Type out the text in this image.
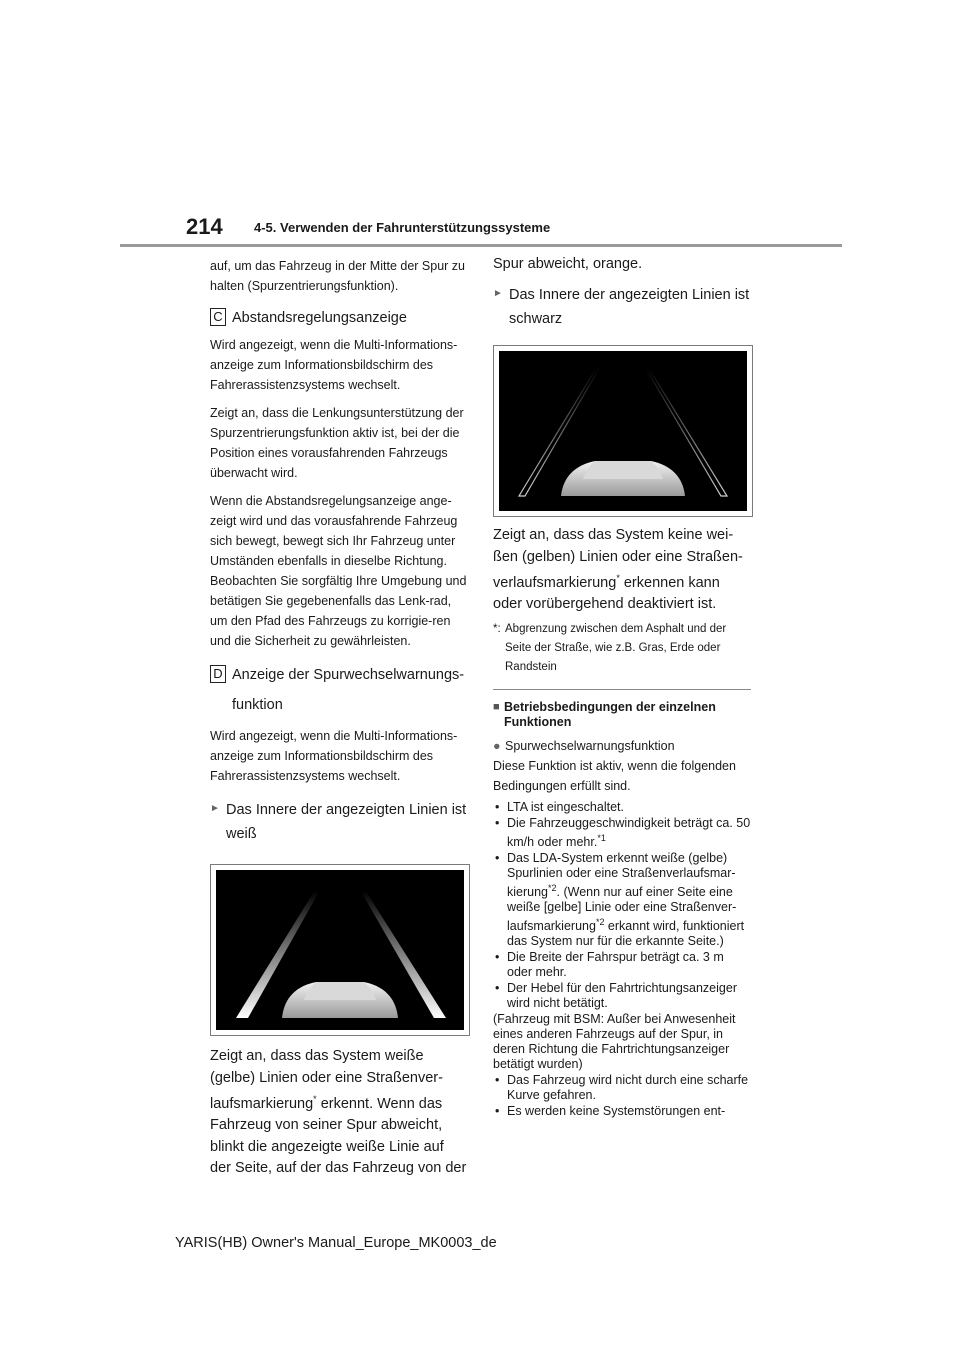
214 4-5. Verwenden der Fahrunterstützungssysteme

auf, um das Fahrzeug in der Mitte der Spur zu halten (Spurzentrierungsfunktion).

C Abstandsregelungsanzeige

Wird angezeigt, wenn die Multi-Informations-anzeige zum Informationsbildschirm des Fahrerassistenzsystems wechselt.

Zeigt an, dass die Lenkungsunterstützung der Spurzentrierungsfunktion aktiv ist, bei der die Position eines vorausfahrenden Fahrzeugs überwacht wird.

Wenn die Abstandsregelungsanzeige ange-zeigt wird und das vorausfahrende Fahrzeug sich bewegt, bewegt sich Ihr Fahrzeug unter Umständen ebenfalls in dieselbe Richtung. Beobachten Sie sorgfältig Ihre Umgebung und betätigen Sie gegebenenfalls das Lenk-rad, um den Pfad des Fahrzeugs zu korrigie-ren und die Sicherheit zu gewährleisten.

D Anzeige der Spurwechselwarnungs-funktion

Wird angezeigt, wenn die Multi-Informations-anzeige zum Informationsbildschirm des Fahrerassistenzsystems wechselt.

► Das Innere der angezeigten Linien ist weiß

Zeigt an, dass das System weiße (gelbe) Linien oder eine Straßenver-laufsmarkierung* erkennt. Wenn das Fahrzeug von seiner Spur abweicht, blinkt die angezeigte weiße Linie auf der Seite, auf der das Fahrzeug von der

Spur abweicht, orange.

► Das Innere der angezeigten Linien ist schwarz

Zeigt an, dass das System keine wei-ßen (gelben) Linien oder eine Straßen-verlaufsmarkierung* erkennen kann oder vorübergehend deaktiviert ist.

*: Abgrenzung zwischen dem Asphalt und der Seite der Straße, wie z.B. Gras, Erde oder Randstein
■ Betriebsbedingungen der einzelnen Funktionen
● Spurwechselwarnungsfunktion

Diese Funktion ist aktiv, wenn die folgenden Bedingungen erfüllt sind.

• LTA ist eingeschaltet.
• Die Fahrzeuggeschwindigkeit beträgt ca. 50 km/h oder mehr.$^{*1}$
• Das LDA-System erkennt weiße (gelbe) Spurlinien oder eine Straßenverlaufsmar-kierung$^{*2}$. (Wenn nur auf einer Seite eine weiße [gelbe] Linie oder eine Straßenver-laufsmarkierung$^{*2}$ erkannt wird, funktioniert das System nur für die erkannte Seite.)
• Die Breite der Fahrspur beträgt ca. 3 m oder mehr.
• Der Hebel für den Fahrtrichtungsanzeiger wird nicht betätigt.

(Fahrzeug mit BSM: Außer bei Anwesenheit eines anderen Fahrzeugs auf der Spur, in deren Richtung die Fahrtrichtungsanzeiger betätigt wurden)

• Das Fahrzeug wird nicht durch eine scharfe Kurve gefahren.
• Es werden keine Systemstörungen ent-
YARIS(HB) Owner's Manual_Europe_MK0003_de
